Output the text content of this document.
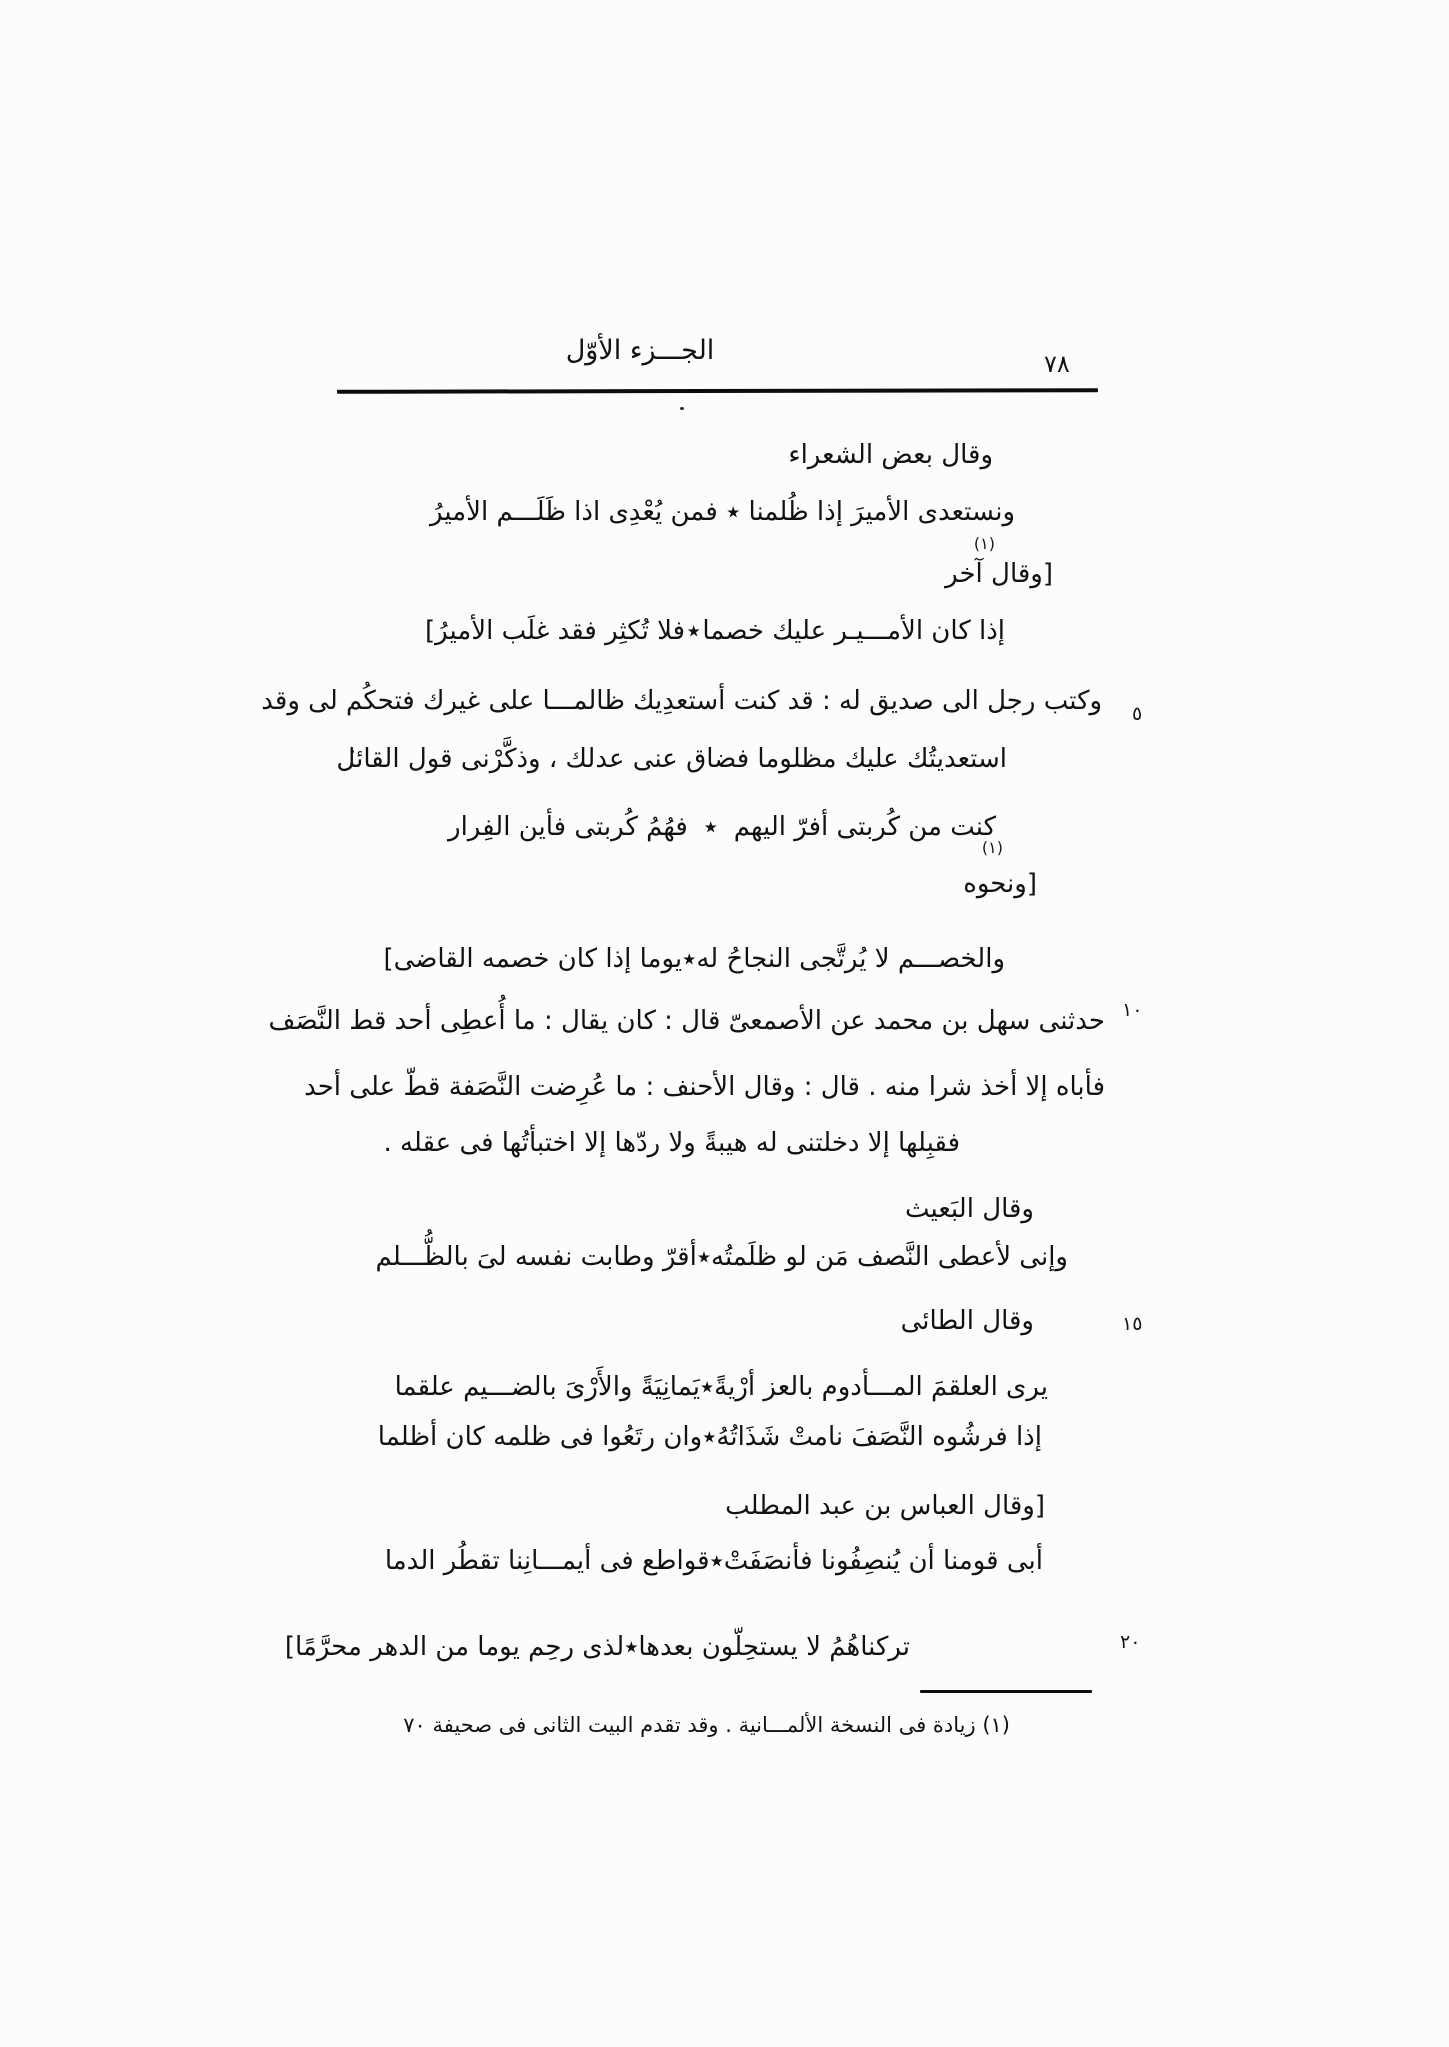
الجـــزء الأوّل	٧٨
٥
١٠
١٥
٢٠
وقال بعض الشعراء
ونستعدى الأميرَ إذا ظُلمنا
٭
فمن يُعْدِى اذا ظَلَـــم الأميرُ
(١)
[وقال آخر
إذا كان الأمـــيـر عليك خصما
٭
فلا تُكثِر فقد غلَب الأميرُ]
وكتب رجل الى صديق له : قد كنت أستعدِيك ظالمـــا على غيرك فتحكُم لى وقد
استعديتُك عليك مظلوما فضاق عنى عدلك ، وذكَّرْنى قول القائل
كنت من كُربتى أفرّ اليهم
٭
فهُمُ كُربتى فأين الفِرار
(١)
[ونحوه
والخصـــم لا يُرتَّجى النجاحُ له
٭
يوما إذا كان خصمه القاضى]
حدثنى سهل بن محمد عن الأصمعىّ قال : كان يقال : ما أُعطِى أحد قط النَّصَف
فأباه إلا أخذ شرا منه . قال : وقال الأحنف : ما عُرِضت النَّصَفة قطّ على أحد
فقبِلها إلا دخلتنى له هيبةً ولا ردّها إلا اختبأتُها فى عقله .
وقال البَعيث
وإنى لأعطى النَّصف مَن لو ظلَمتُه
٭
أقرّ وطابت نفسه لىَ بالظُّـــلم
وقال الطائى
يرى العلقمَ المـــأدوم بالعز أرْيةً
٭
يَمانِيَةً والأَرْىَ بالضـــيم علقما
إذا فرشُوه النَّصَفَ نامتْ شَذَاتُهُ
٭
وان رتَعُوا فى ظلمه كان أظلما
[وقال العباس بن عبد المطلب
أبى قومنا أن يُنصِفُونا فأنصَفَتْ
٭
قواطع فى أيمـــانِنا تقطُر الدما
تركناهُمُ لا يستحِلّون بعدها
٭
لذى رحِم يوما من الدهر محرَّمًا]
(١) زيادة فى النسخة الألمـــانية . وقد تقدم البيت الثانى فى صحيفة ٧٠
